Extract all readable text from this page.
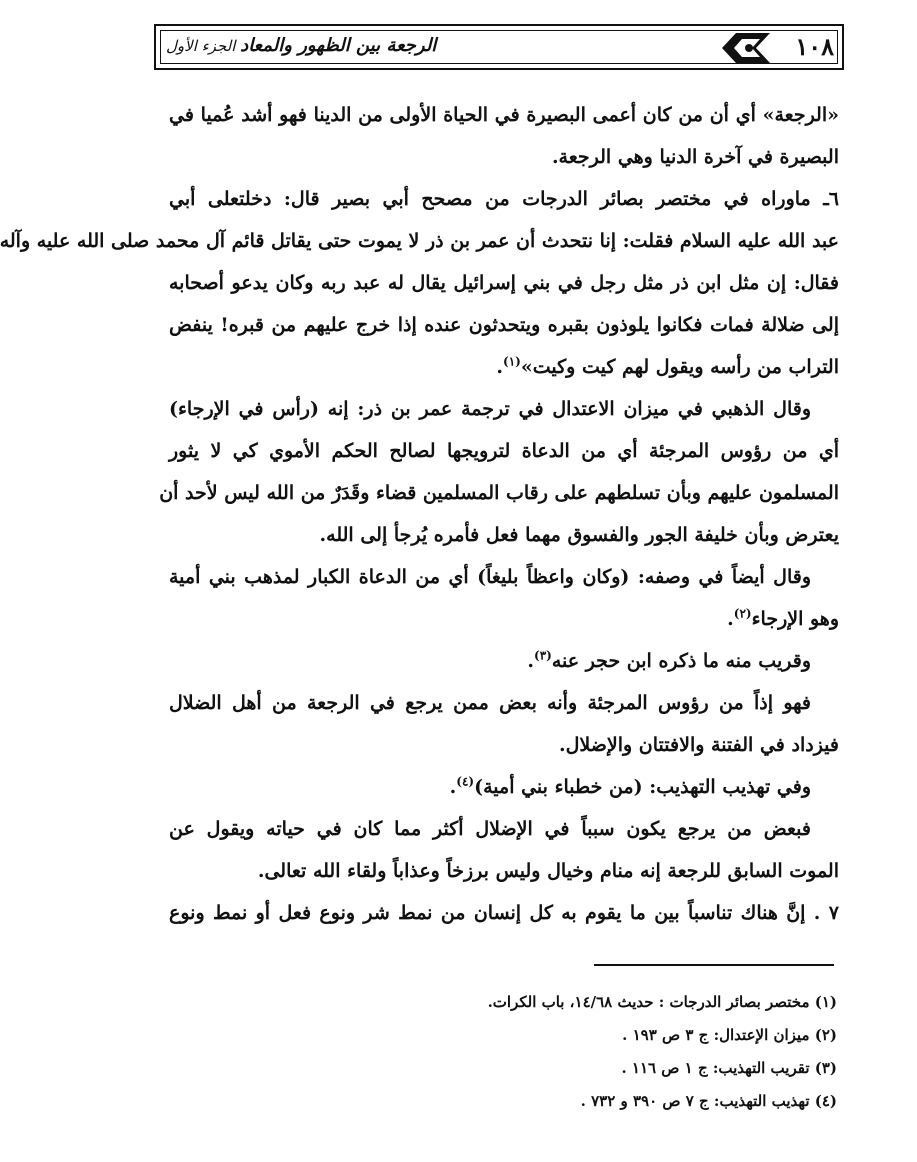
١٠٨
الرجعة بين الظهور والمعاد الجزء الأول
«الرجعة» أي أن من كان أعمى البصيرة في الحياة الأولى من الدينا فهو أشد عُميا في
البصيرة في آخرة الدنيا وهي الرجعة.
٦ـ ماوراه في مختصر بصائر الدرجات من مصحح أبي بصير قال: دخلتعلى أبي
عبد الله عليه السلام فقلت: إنا نتحدث أن عمر بن ذر لا يموت حتى يقاتل قائم آل محمد صلى الله عليه وآله
فقال: إن مثل ابن ذر مثل رجل في بني إسرائيل يقال له عبد ربه وكان يدعو أصحابه
إلى ضلالة فمات فكانوا يلوذون بقبره ويتحدثون عنده إذا خرج عليهم من قبره! ينفض
التراب من رأسه ويقول لهم كيت وكيت»$^{(١)}$.
وقال الذهبي في ميزان الاعتدال في ترجمة عمر بن ذر: إنه (رأس في الإرجاء)
أي من رؤوس المرجئة أي من الدعاة لترويجها لصالح الحكم الأموي كي لا يثور
المسلمون عليهم وبأن تسلطهم على رقاب المسلمين قضاء وقَدَرٌ من الله ليس لأحد أن
يعترض وبأن خليفة الجور والفسوق مهما فعل فأمره يُرجأ إلى الله.
وقال أيضاً في وصفه: (وكان واعظاً بليغاً) أي من الدعاة الكبار لمذهب بني أمية
وهو الإرجاء$^{(٢)}$.
وقريب منه ما ذكره ابن حجر عنه$^{(٣)}$.
فهو إذاً من رؤوس المرجئة وأنه بعض ممن يرجع في الرجعة من أهل الضلال
فيزداد في الفتنة والافتتان والإضلال.
وفي تهذيب التهذيب: (من خطباء بني أمية)$^{(٤)}$.
فبعض من يرجع يكون سبباً في الإضلال أكثر مما كان في حياته ويقول عن
الموت السابق للرجعة إنه منام وخيال وليس برزخاً وعذاباً ولقاء الله تعالى.
٧ . إنَّ هناك تناسباً بين ما يقوم به كل إنسان من نمط شر ونوع فعل أو نمط ونوع
(١) مختصر بصائر الدرجات : حديث ١٤/٦٨، باب الكرات.
(٢) ميزان الإعتدال: ج ٣ ص ١٩٣ .
(٣) تقريب التهذيب: ج ١ ص ١١٦ .
(٤) تهذيب التهذيب: ج ٧ ص ٣٩٠ و ٧٣٢ .
